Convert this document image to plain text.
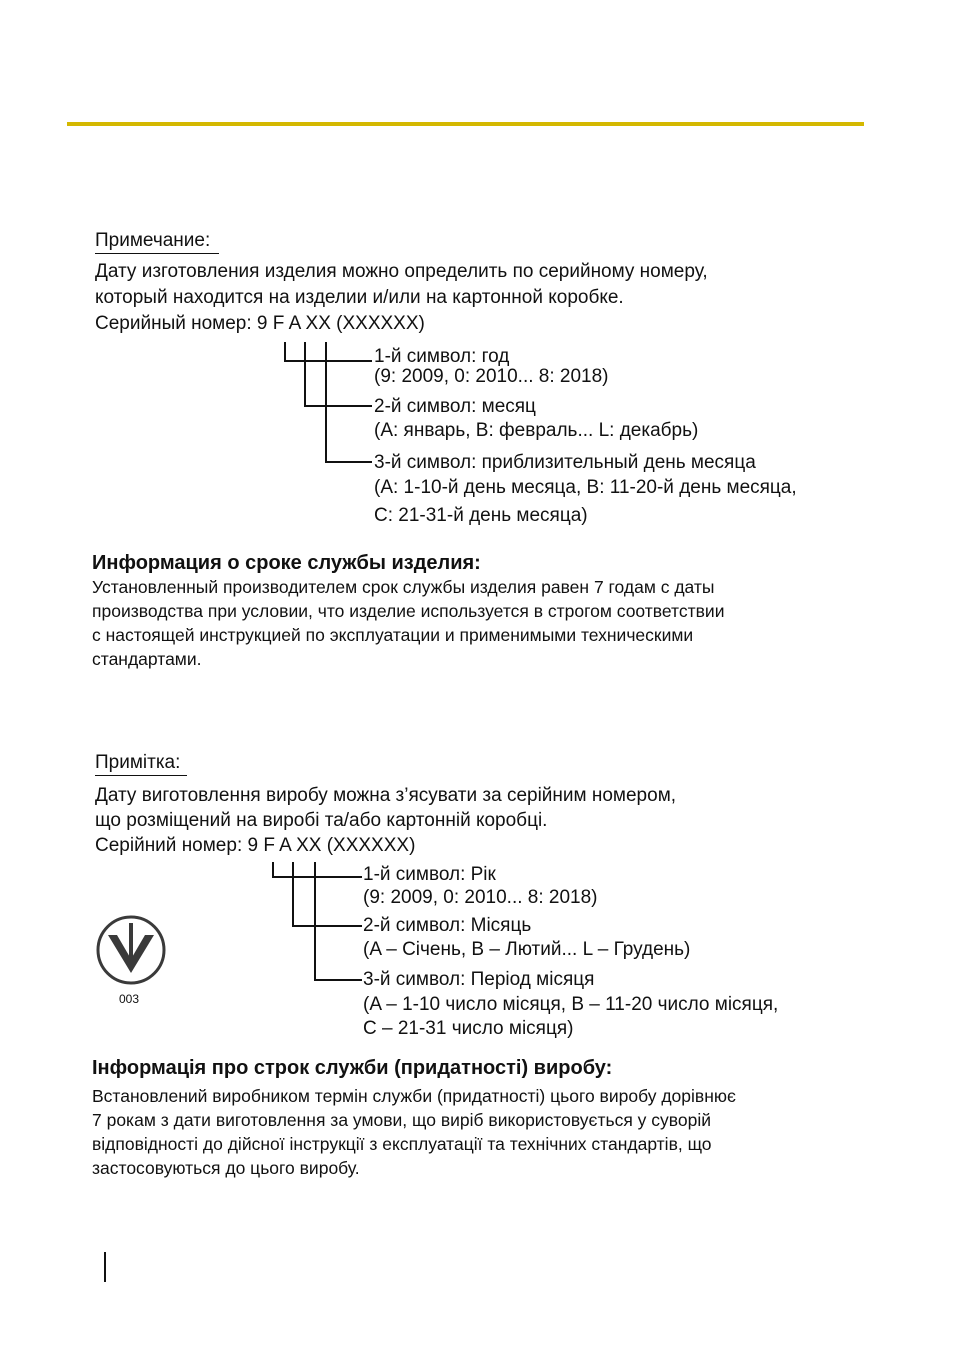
Примечание:
Дату изготовления изделия можно определить по серийному номеру,
который находится на изделии и/или на картонной коробке.
Серийный номер: 9 F A XX (XXXXXX)
1-й символ: год
(9: 2009, 0: 2010... 8: 2018)
2-й символ: месяц
(A: январь, B: февраль... L: декабрь)
3-й символ: приблизительный день месяца
(A: 1-10-й день месяца, B: 11-20-й день месяца,
C: 21-31-й день месяца)
Информация о сроке службы изделия:
Установленный производителем срок службы изделия равен 7 годам с даты
производства при условии, что изделие используется в строгом соответствии
с настоящей инструкцией по эксплуатации и применимыми техническими
стандартами.
Примітка:
Дату виготовлення виробу можна з’ясувати за серійним номером,
що розміщений на виробі та/або картонній коробці.
Серійний номер: 9 F A XX (XXXXXX)
1-й символ: Рік
(9: 2009, 0: 2010... 8: 2018)
2-й символ: Місяць
(A – Січень, B – Лютий... L – Грудень)
3-й символ: Період місяця
(A – 1-10 число місяця, B – 11-20 число місяця,
C – 21-31 число місяця)
003
Інформація про строк служби (придатності) виробу:
Встановлений виробником термін служби (придатності) цього виробу дорівнює
7 рокам з дати виготовлення за умови, що виріб використовується у суворій
відповідності до дійсної інструкції з експлуатації та технічних стандартів, що
застосовуються до цього виробу.
